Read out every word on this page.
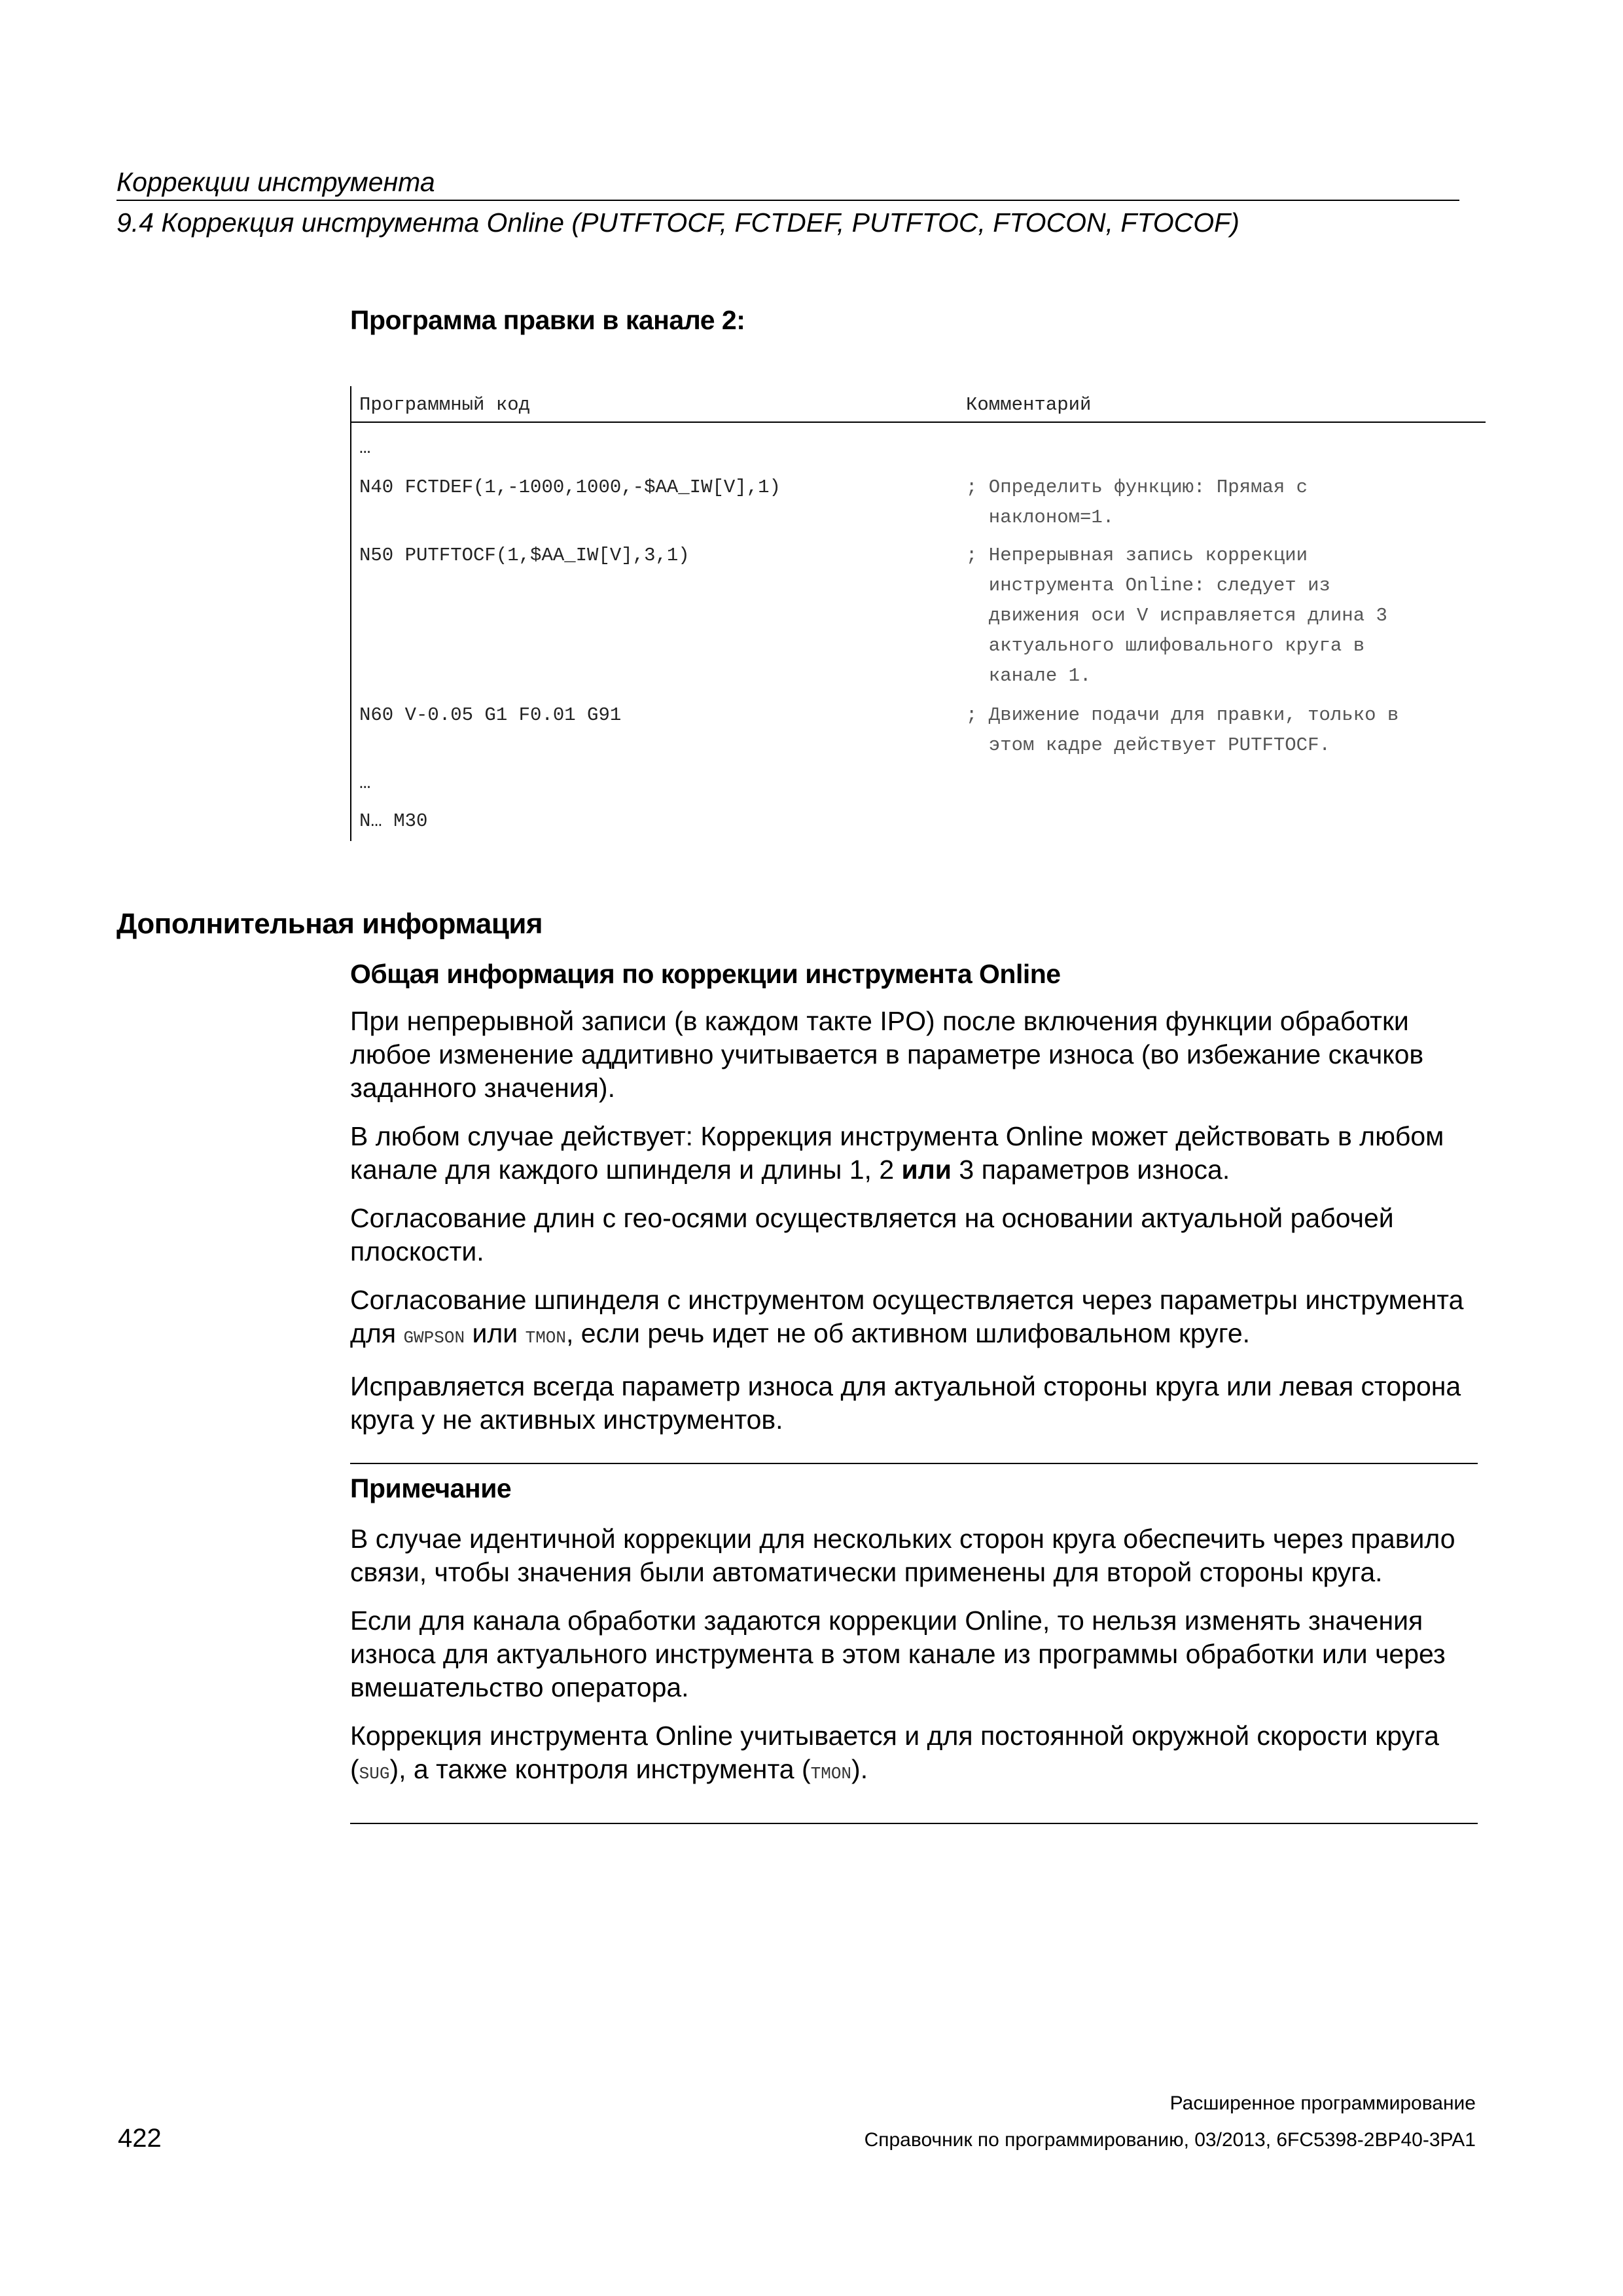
Коррекции инструмента
9.4 Коррекция инструмента Online (PUTFTOCF, FCTDEF, PUTFTOC, FTOCON, FTOCOF)
Программа правки в канале 2:
Программный код	Комментарий
…
N40 FCTDEF(1,-1000,1000,-$AA_IW[V],1)	; Определить функцию: Прямая с
наклоном=1.
N50 PUTFTOCF(1,$AA_IW[V],3,1)	; Непрерывная запись коррекции
инструмента Online: следует из
движения оси V исправляется длина 3
актуального шлифовального круга в
канале 1.
N60 V-0.05 G1 F0.01 G91	; Движение подачи для правки, только в
этом кадре действует PUTFTOCF.
…
N… M30
Дополнительная информация
Общая информация по коррекции инструмента Online

При непрерывной записи (в каждом такте IPO) после включения функции обработки любое изменение аддитивно учитывается в параметре износа (во избежание скачков заданного значения).

В любом случае действует: Коррекция инструмента Online может действовать в любом канале для каждого шпинделя и длины 1, 2 или 3 параметров износа.

Согласование длин с гео-осями осуществляется на основании актуальной рабочей плоскости.

Согласование шпинделя с инструментом осуществляется через параметры инструмента для GWPSON или TMON, если речь идет не об активном шлифовальном круге.

Исправляется всегда параметр износа для актуальной стороны круга или левая сторона круга у не активных инструментов.

Примечание

В случае идентичной коррекции для нескольких сторон круга обеспечить через правило связи, чтобы значения были автоматически применены для второй стороны круга.

Если для канала обработки задаются коррекции Online, то нельзя изменять значения износа для актуального инструмента в этом канале из программы обработки или через вмешательство оператора.

Коррекция инструмента Online учитывается и для постоянной окружной скорости круга (SUG), а также контроля инструмента (TMON).

Расширенное программирование
422	Справочник по программированию, 03/2013, 6FC5398-2BP40-3PA1
